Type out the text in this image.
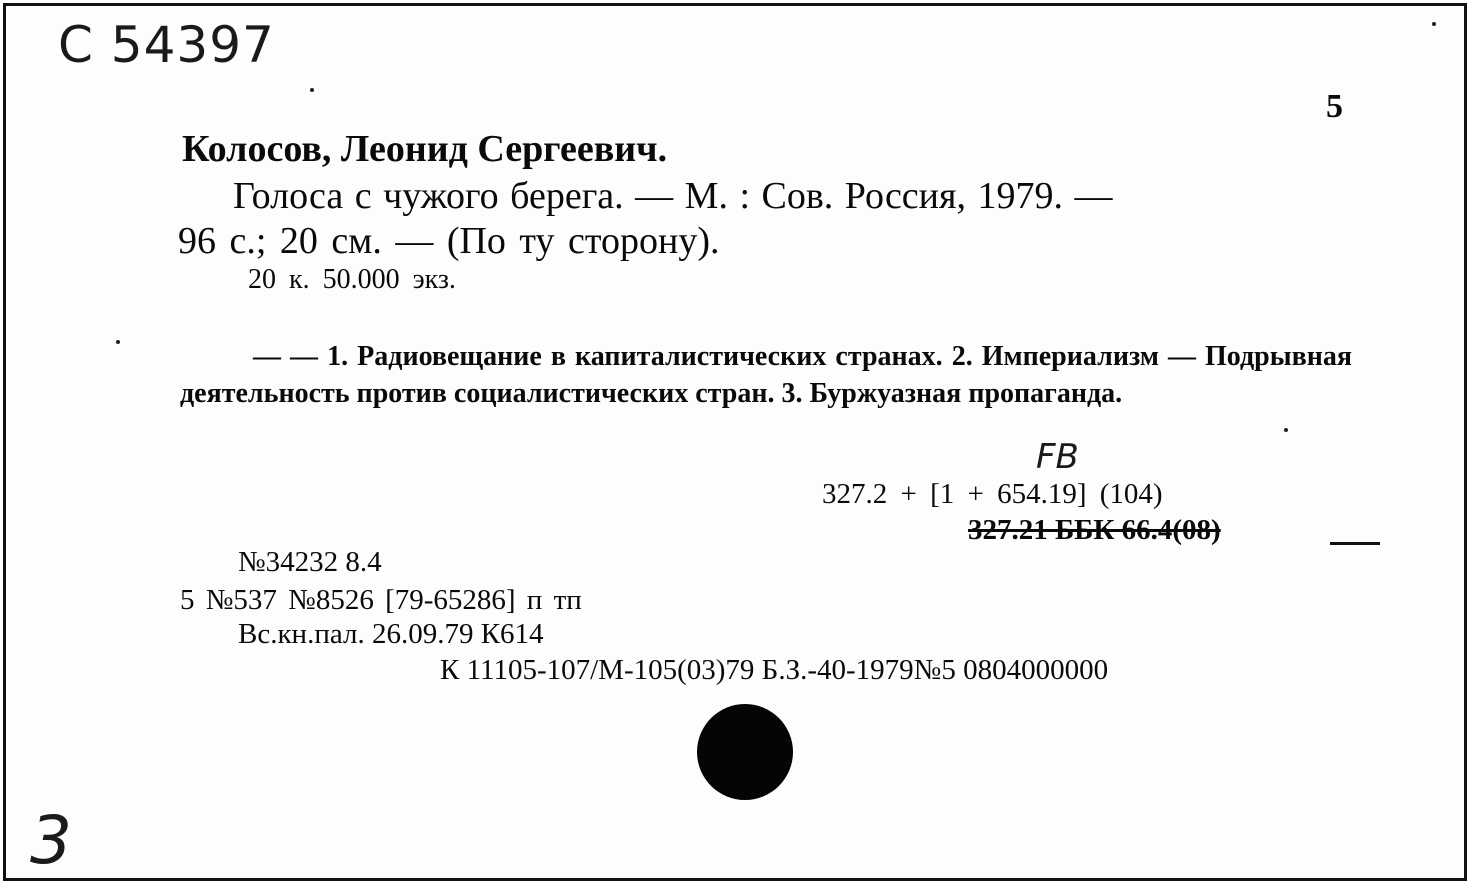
С 54397
5
Колосов, Леонид Сергеевич.
Голоса с чужого берега. — М. : Сов. Россия, 1979. —
96 с.; 20 см. — (По ту сторону).
20 к. 50.000 экз.
— — 1. Радиовещание в капиталистических странах. 2. Империализм — Подрывная деятельность против социалистических стран. 3. Буржуазная пропаганда.
FB
327.2 + [1 + 654.19] (104)
327.21 ББК 66.4(08)
№34232 8.4
5 №537 №8526 [79-65286] п тп
Вс.кн.пал. 26.09.79 К614
К 11105-107/М-105(03)79 Б.З.-40-1979№5 0804000000
3
